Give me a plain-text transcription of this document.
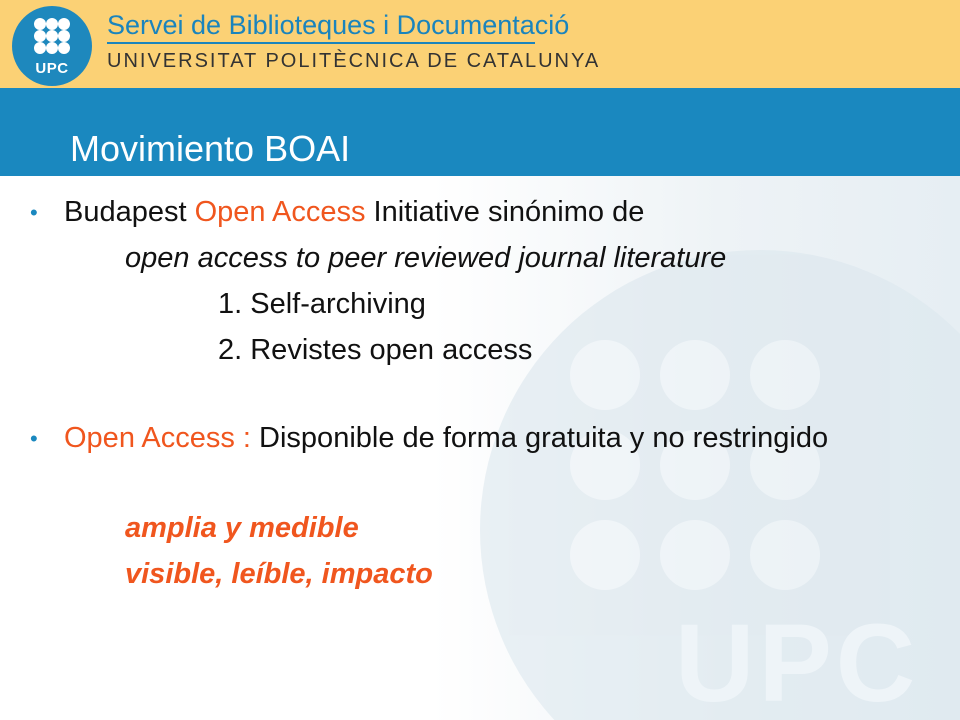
UPC
UPC
Servei de Biblioteques i Documentació
UNIVERSITAT POLITÈCNICA DE CATALUNYA
Movimiento BOAI
• Budapest Open Access Initiative sinónimo de
open access to peer reviewed journal literature
1. Self-archiving
2. Revistes open access
• Open Access : Disponible de forma gratuita y no restringido
amplia y medible
visible, leíble, impacto
